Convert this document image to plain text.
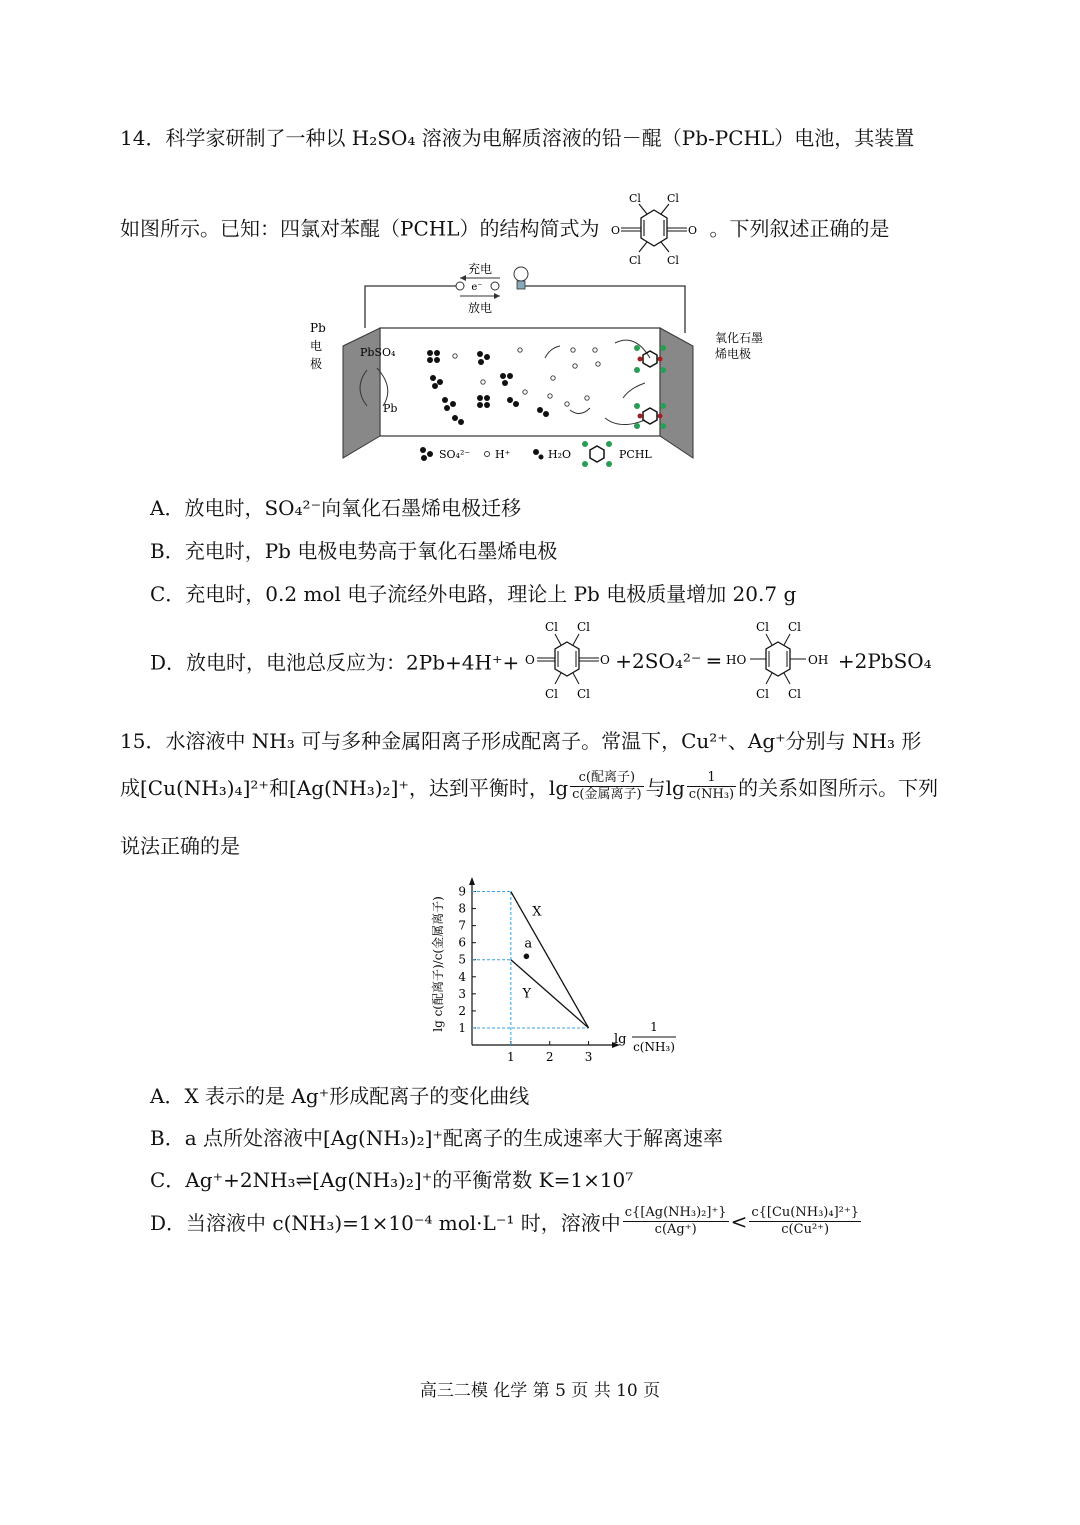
14．科学家研制了一种以 H₂SO₄ 溶液为电解质溶液的铅－醌（Pb-PCHL）电池，其装置
如图所示。已知：四氯对苯醌（PCHL）的结构简式为
Cl Cl
Cl Cl
O	O 。下列叙述正确的是
e⁻
充电
放电
Pb
电
极
氧化石墨
烯电极
PbSO₄
Pb
SO₄²⁻ H⁺	H₂O	PCHL
A．放电时，SO₄²⁻向氧化石墨烯电极迁移
B．充电时，Pb 电极电势高于氧化石墨烯电极
C．充电时，0.2 mol 电子流经外电路，理论上 Pb 电极质量增加 20.7 g
D．放电时，电池总反应为：2Pb+4H⁺+
Cl Cl
Cl Cl
O	O +2SO₄²⁻ ═
Cl Cl
Cl Cl
HO	OH +2PbSO₄
15．水溶液中 NH₃ 可与多种金属阳离子形成配离子。常温下，Cu²⁺、Ag⁺分别与 NH₃ 形
成[Cu(NH₃)₄]²⁺和[Ag(NH₃)₂]⁺，达到平衡时，$\lg \frac{\text{c(配离子)}}{\text{c(金属离子)}}$ 与$\lg \frac{1}{\text{c(NH₃)}}$ 的关系如图所示。下列
说法正确的是
1
2
3
4
5
6
7
8
9
1	2	3
X
Y
a
lg
1
c(NH₃)
lg c(配离子)/c(金属离子)
A．X 表示的是 Ag⁺形成配离子的变化曲线
B．a 点所处溶液中[Ag(NH₃)₂]⁺配离子的生成速率大于解离速率
C．Ag⁺+2NH₃⇌[Ag(NH₃)₂]⁺的平衡常数 K=1×10⁷
D．当溶液中 c(NH₃)=1×10⁻⁴ mol·L⁻¹ 时，溶液中 $\frac{\text{c\{[Ag(NH₃)₂]⁺\}}}{c(Ag^+)} < \frac{\text{c\{[Cu(NH₃)₄]²⁺\}}}{\text{c(Cu²⁺)}}$
高三二模 化学 第 5 页 共 10 页
